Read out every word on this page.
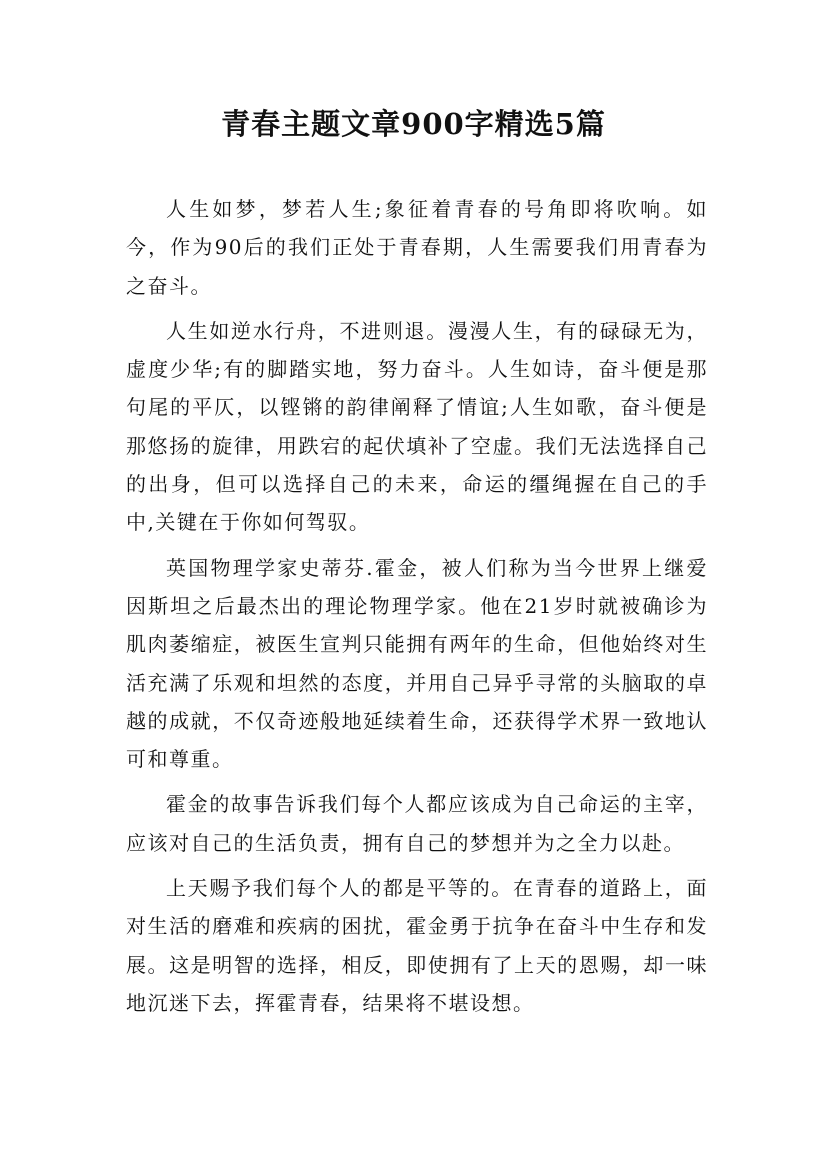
青春主题文章900字精选5篇

人生如梦，梦若人生;象征着青春的号角即将吹响。如今，作为90后的我们正处于青春期，人生需要我们用青春为之奋斗。

人生如逆水行舟，不进则退。漫漫人生，有的碌碌无为，虚度少华;有的脚踏实地，努力奋斗。人生如诗，奋斗便是那句尾的平仄，以铿锵的韵律阐释了情谊;人生如歌，奋斗便是那悠扬的旋律，用跌宕的起伏填补了空虚。我们无法选择自己的出身，但可以选择自己的未来，命运的缰绳握在自己的手中,关键在于你如何驾驭。

英国物理学家史蒂芬.霍金，被人们称为当今世界上继爱因斯坦之后最杰出的理论物理学家。他在21岁时就被确诊为肌肉萎缩症，被医生宣判只能拥有两年的生命，但他始终对生活充满了乐观和坦然的态度，并用自己异乎寻常的头脑取的卓越的成就，不仅奇迹般地延续着生命，还获得学术界一致地认可和尊重。

霍金的故事告诉我们每个人都应该成为自己命运的主宰，应该对自己的生活负责，拥有自己的梦想并为之全力以赴。

上天赐予我们每个人的都是平等的。在青春的道路上，面对生活的磨难和疾病的困扰，霍金勇于抗争在奋斗中生存和发展。这是明智的选择，相反，即使拥有了上天的恩赐，却一味地沉迷下去，挥霍青春，结果将不堪设想。
